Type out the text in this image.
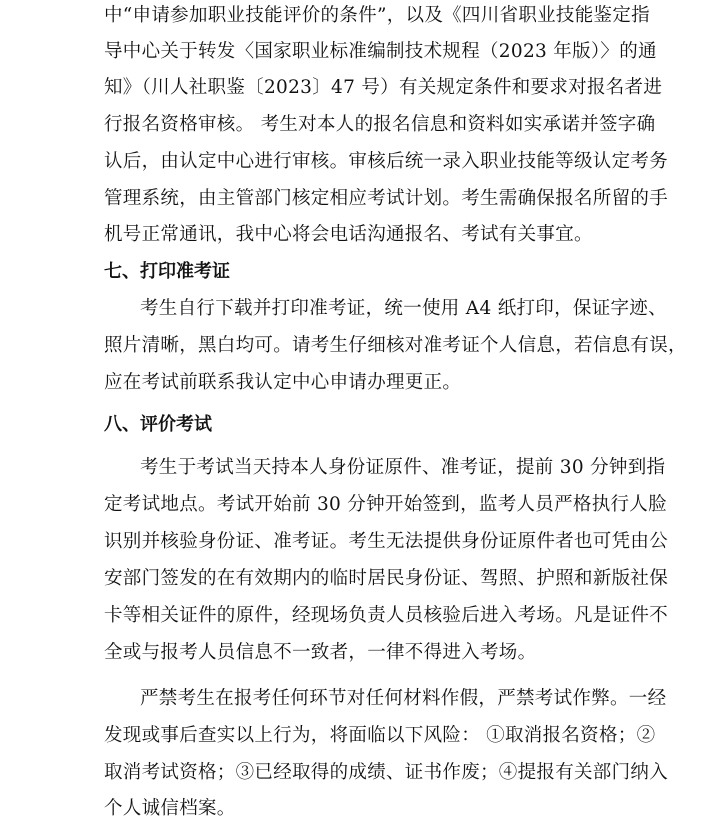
中“申请参加职业技能评价的条件”，以及《四川省职业技能鉴定指
导中心关于转发〈国家职业标准编制技术规程（2023 年版）〉的通
知》（川人社职鉴〔2023〕47 号）有关规定条件和要求对报名者进
行报名资格审核。 考生对本人的报名信息和资料如实承诺并签字确
认后，由认定中心进行审核。审核后统一录入职业技能等级认定考务
管理系统，由主管部门核定相应考试计划。考生需确保报名所留的手
机号正常通讯，我中心将会电话沟通报名、考试有关事宜。
七、打印准考证
考生自行下载并打印准考证，统一使用 A4 纸打印，保证字迹、
照片清晰，黑白均可。请考生仔细核对准考证个人信息，若信息有误，
应在考试前联系我认定中心申请办理更正。
八、评价考试
考生于考试当天持本人身份证原件、准考证，提前 30 分钟到指
定考试地点。考试开始前 30 分钟开始签到，监考人员严格执行人脸
识别并核验身份证、准考证。考生无法提供身份证原件者也可凭由公
安部门签发的在有效期内的临时居民身份证、驾照、护照和新版社保
卡等相关证件的原件，经现场负责人员核验后进入考场。凡是证件不
全或与报考人员信息不一致者，一律不得进入考场。
严禁考生在报考任何环节对任何材料作假，严禁考试作弊。一经
发现或事后查实以上行为，将面临以下风险： ①取消报名资格；②
取消考试资格；③已经取得的成绩、证书作废；④提报有关部门纳入
个人诚信档案。
